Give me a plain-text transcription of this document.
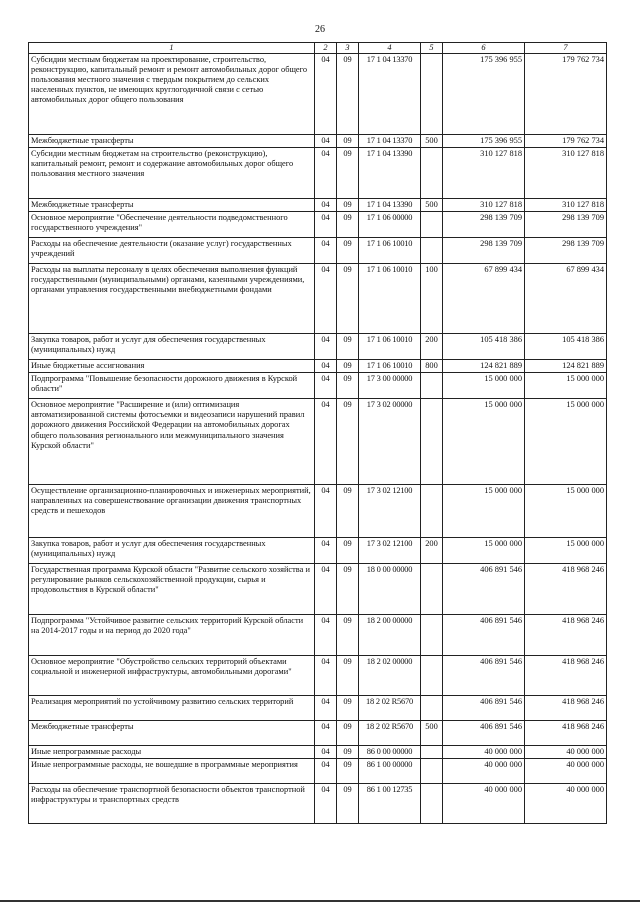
26
1	2	3	4	5	6	7
Субсидии местным бюджетам на проектирование, строительство, реконструкцию, капитальный ремонт и ремонт автомобильных дорог общего пользования местного значения с твердым покрытием до сельских населенных пунктов, не имеющих круглогодичной связи с сетью автомобильных дорог общего пользования	04	09	17 1 04 13370		175 396 955	179 762 734
Межбюджетные трансферты	04	09	17 1 04 13370	500	175 396 955	179 762 734
Субсидии местным бюджетам на строительство (реконструкцию), капитальный ремонт, ремонт и содержание автомобильных дорог общего пользования местного значения	04	09	17 1 04 13390		310 127 818	310 127 818
Межбюджетные трансферты	04	09	17 1 04 13390	500	310 127 818	310 127 818
Основное мероприятие "Обеспечение деятельности подведомственного государственного учреждения"	04	09	17 1 06 00000		298 139 709	298 139 709
Расходы на обеспечение деятельности (оказание услуг) государственных учреждений	04	09	17 1 06 10010		298 139 709	298 139 709
Расходы на выплаты персоналу в целях обеспечения выполнения функций государственными (муниципальными) органами, казенными учреждениями, органами управления государственными внебюджетными фондами	04	09	17 1 06 10010	100	67 899 434	67 899 434
Закупка товаров, работ и услуг для обеспечения государственных (муниципальных) нужд	04	09	17 1 06 10010	200	105 418 386	105 418 386
Иные бюджетные ассигнования	04	09	17 1 06 10010	800	124 821 889	124 821 889
Подпрограмма "Повышение безопасности дорожного движения в Курской области"	04	09	17 3 00 00000		15 000 000	15 000 000
Основное мероприятие "Расширение и (или) оптимизация автоматизированной системы фотосъемки и видеозаписи нарушений правил дорожного движения Российской Федерации на автомобильных дорогах общего пользования регионального или межмуниципального значения Курской области"	04	09	17 3 02 00000		15 000 000	15 000 000
Осуществление организационно-планировочных и инженерных мероприятий, направленных на совершенствование организации движения транспортных средств и пешеходов	04	09	17 3 02 12100		15 000 000	15 000 000
Закупка товаров, работ и услуг для обеспечения государственных (муниципальных) нужд	04	09	17 3 02 12100	200	15 000 000	15 000 000
Государственная программа Курской области "Развитие сельского хозяйства и регулирование рынков сельскохозяйственной продукции, сырья и продовольствия в Курской области"	04	09	18 0 00 00000		406 891 546	418 968 246
Подпрограмма "Устойчивое развитие сельских территорий Курской области на 2014-2017 годы и на период до 2020 года"	04	09	18 2 00 00000		406 891 546	418 968 246
Основное мероприятие "Обустройство сельских территорий объектами социальной и инженерной инфраструктуры, автомобильными дорогами"	04	09	18 2 02 00000		406 891 546	418 968 246
Реализация мероприятий по устойчивому развитию сельских территорий	04	09	18 2 02 R5670		406 891 546	418 968 246
Межбюджетные трансферты	04	09	18 2 02 R5670	500	406 891 546	418 968 246
Иные непрограммные расходы	04	09	86 0 00 00000		40 000 000	40 000 000
Иные непрограммные расходы, не вошедшие в программные мероприятия	04	09	86 1 00 00000		40 000 000	40 000 000
Расходы на обеспечение транспортной безопасности объектов транспортной инфраструктуры и транспортных средств	04	09	86 1 00 12735		40 000 000	40 000 000
